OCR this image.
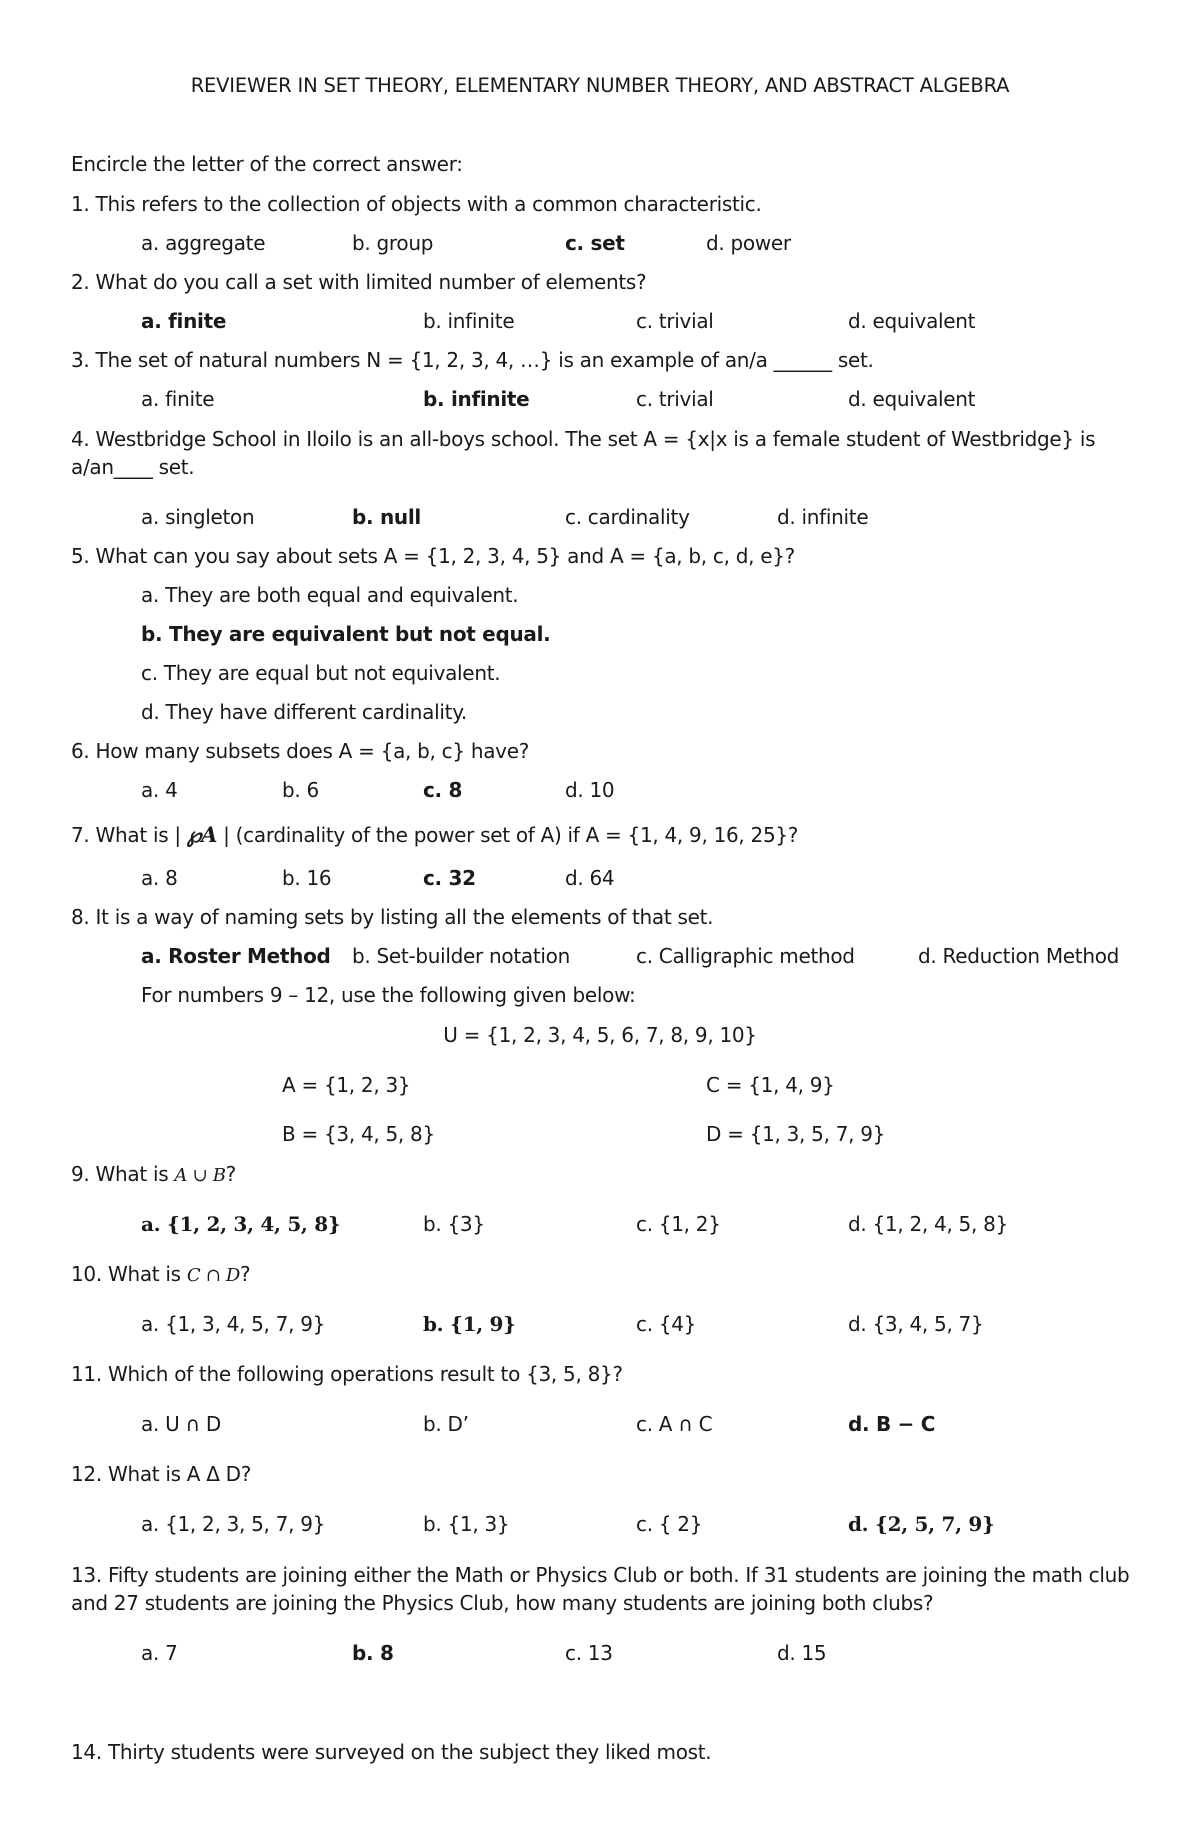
REVIEWER IN SET THEORY, ELEMENTARY NUMBER THEORY, AND ABSTRACT ALGEBRA
Encircle the letter of the correct answer:
1. This refers to the collection of objects with a common characteristic.
a. aggregate	b. group	c. set	d. power
2. What do you call a set with limited number of elements?
a. finite	b. infinite	c. trivial	d. equivalent
3. The set of natural numbers N = {1, 2, 3, 4, …} is an example of an/a ______ set.
a. finite	b. infinite	c. trivial	d. equivalent
4. Westbridge School in Iloilo is an all-boys school. The set A = {x|x is a female student of Westbridge} is a/an____ set.
a. singleton	b. null	c. cardinality	d. infinite
5. What can you say about sets A = {1, 2, 3, 4, 5} and A = {a, b, c, d, e}?
a. They are both equal and equivalent.
b. They are equivalent but not equal.
c. They are equal but not equivalent.
d. They have different cardinality.
6. How many subsets does A = {a, b, c} have?
a. 4	b. 6	c. 8	d. 10
7. What is | ℘A | (cardinality of the power set of A) if A = {1, 4, 9, 16, 25}?
a. 8	b. 16	c. 32	d. 64
8. It is a way of naming sets by listing all the elements of that set.
a. Roster Method b. Set-builder notation	c. Calligraphic method	d. Reduction Method
For numbers 9 – 12, use the following given below:
U = {1, 2, 3, 4, 5, 6, 7, 8, 9, 10}
A = {1, 2, 3}	C = {1, 4, 9}
B = {3, 4, 5, 8}	D = {1, 3, 5, 7, 9}
9. What is A ∪ B?
a. {1, 2, 3, 4, 5, 8}	b. {3}	c. {1, 2}	d. {1, 2, 4, 5, 8}
10. What is C ∩ D?
a. {1, 3, 4, 5, 7, 9}	b. {1, 9}	c. {4}	d. {3, 4, 5, 7}
11. Which of the following operations result to {3, 5, 8}?
a. U ∩ D	b. D’	c. A ∩ C	d. B − C
12. What is A Δ D?
a. {1, 2, 3, 5, 7, 9}	b. {1, 3}	c. { 2}	d. {2, 5, 7, 9}
13. Fifty students are joining either the Math or Physics Club or both. If 31 students are joining the math club and 27 students are joining the Physics Club, how many students are joining both clubs?
a. 7	b. 8	c. 13	d. 15
14. Thirty students were surveyed on the subject they liked most.
